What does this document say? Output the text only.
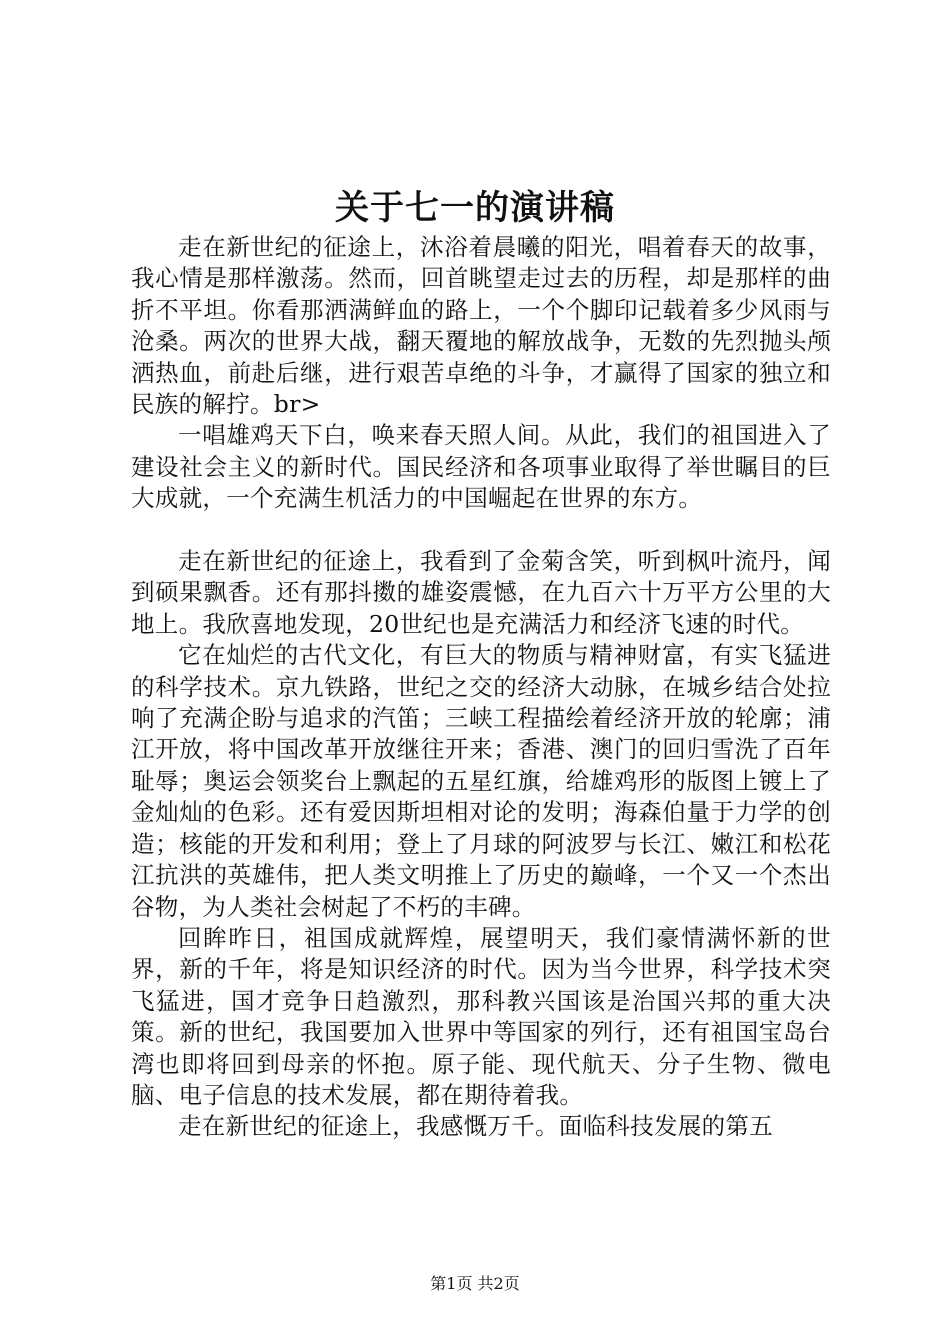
关于七一的演讲稿

走在新世纪的征途上，沐浴着晨曦的阳光，唱着春天的故事，我心情是那样激荡。然而，回首眺望走过去的历程，却是那样的曲折不平坦。你看那洒满鲜血的路上，一个个脚印记载着多少风雨与沧桑。两次的世界大战，翻天覆地的解放战争，无数的先烈抛头颅洒热血，前赴后继，进行艰苦卓绝的斗争，才赢得了国家的独立和民族的解拧。br>

一唱雄鸡天下白，唤来春天照人间。从此，我们的祖国进入了建设社会主义的新时代。国民经济和各项事业取得了举世瞩目的巨大成就，一个充满生机活力的中国崛起在世界的东方。

走在新世纪的征途上，我看到了金菊含笑，听到枫叶流丹，闻到硕果飘香。还有那抖擞的雄姿震憾，在九百六十万平方公里的大地上。我欣喜地发现，20世纪也是充满活力和经济飞速的时代。

它在灿烂的古代文化，有巨大的物质与精神财富，有实飞猛进的科学技术。京九铁路，世纪之交的经济大动脉，在城乡结合处拉响了充满企盼与追求的汽笛；三峡工程描绘着经济开放的轮廓；浦江开放，将中国改革开放继往开来；香港、澳门的回归雪洗了百年耻辱；奥运会领奖台上飘起的五星红旗，给雄鸡形的版图上镀上了金灿灿的色彩。还有爱因斯坦相对论的发明；海森伯量于力学的创造；核能的开发和利用；登上了月球的阿波罗与长江、嫩江和松花江抗洪的英雄伟，把人类文明推上了历史的巅峰，一个又一个杰出谷物，为人类社会树起了不朽的丰碑。

回眸昨日，祖国成就辉煌，展望明天，我们豪情满怀新的世界，新的千年，将是知识经济的时代。因为当今世界，科学技术突飞猛进，国才竞争日趋激烈，那科教兴国该是治国兴邦的重大决策。新的世纪，我国要加入世界中等国家的列行，还有祖国宝岛台湾也即将回到母亲的怀抱。原子能、现代航天、分子生物、微电脑、电子信息的技术发展，都在期待着我。

走在新世纪的征途上，我感慨万千。面临科技发展的第五

第1页 共2页
